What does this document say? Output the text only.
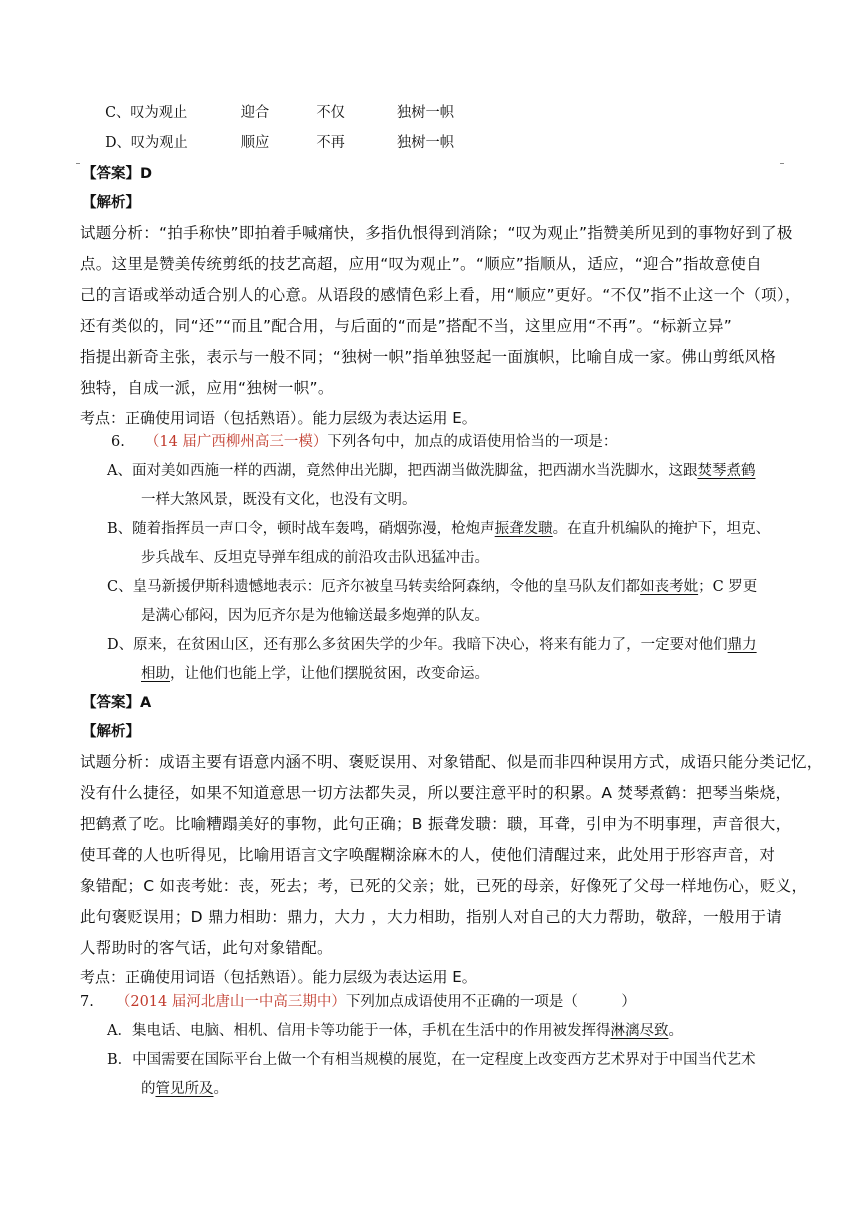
C、叹为观止	迎合	不仅	独树一帜
D、叹为观止	顺应	不再	独树一帜
【答案】D
【解析】
试题分析：“拍手称快”即拍着手喊痛快，多指仇恨得到消除；“叹为观止”指赞美所见到的事物好到了极
点。这里是赞美传统剪纸的技艺高超，应用“叹为观止”。“顺应”指顺从，适应，“迎合”指故意使自
己的言语或举动适合别人的心意。从语段的感情色彩上看，用“顺应”更好。“不仅”指不止这一个（项），
还有类似的，同“还”“而且”配合用，与后面的“而是”搭配不当，这里应用“不再”。“标新立异”
指提出新奇主张，表示与一般不同；“独树一帜”指单独竖起一面旗帜，比喻自成一家。佛山剪纸风格
独特，自成一派，应用“独树一帜”。
考点：正确使用词语（包括熟语）。能力层级为表达运用 E。
6. （14 届广西柳州高三一模）下列各句中，加点的成语使用恰当的一项是：
A、面对美如西施一样的西湖，竟然伸出光脚，把西湖当做洗脚盆，把西湖水当洗脚水，这跟焚琴煮鹤
一样大煞风景，既没有文化，也没有文明。
B、随着指挥员一声口令，顿时战车轰鸣，硝烟弥漫，枪炮声振聋发聩。在直升机编队的掩护下，坦克、
步兵战车、反坦克导弹车组成的前沿攻击队迅猛冲击。
C、皇马新援伊斯科遗憾地表示：厄齐尔被皇马转卖给阿森纳，令他的皇马队友们都如丧考妣；C 罗更
是满心郁闷，因为厄齐尔是为他输送最多炮弹的队友。
D、原来，在贫困山区，还有那么多贫困失学的少年。我暗下决心，将来有能力了，一定要对他们鼎力
相助，让他们也能上学，让他们摆脱贫困，改变命运。
【答案】A
【解析】
试题分析：成语主要有语意内涵不明、褒贬误用、对象错配、似是而非四种误用方式，成语只能分类记忆，
没有什么捷径，如果不知道意思一切方法都失灵，所以要注意平时的积累。A 焚琴煮鹤：把琴当柴烧，
把鹤煮了吃。比喻糟蹋美好的事物，此句正确；B 振聋发聩：聩，耳聋，引申为不明事理，声音很大，
使耳聋的人也听得见，比喻用语言文字唤醒糊涂麻木的人，使他们清醒过来，此处用于形容声音，对
象错配；C 如丧考妣：丧，死去；考，已死的父亲；妣，已死的母亲，好像死了父母一样地伤心，贬义，
此句褒贬误用；D 鼎力相助：鼎力，大力 ，大力相助，指别人对自己的大力帮助，敬辞，一般用于请
人帮助时的客气话，此句对象错配。
考点：正确使用词语（包括熟语）。能力层级为表达运用 E。
7. （2014 届河北唐山一中高三期中）下列加点成语使用不正确的一项是（　　　）
A．集电话、电脑、相机、信用卡等功能于一体，手机在生活中的作用被发挥得淋漓尽致。
B．中国需要在国际平台上做一个有相当规模的展览，在一定程度上改变西方艺术界对于中国当代艺术
的管见所及。
